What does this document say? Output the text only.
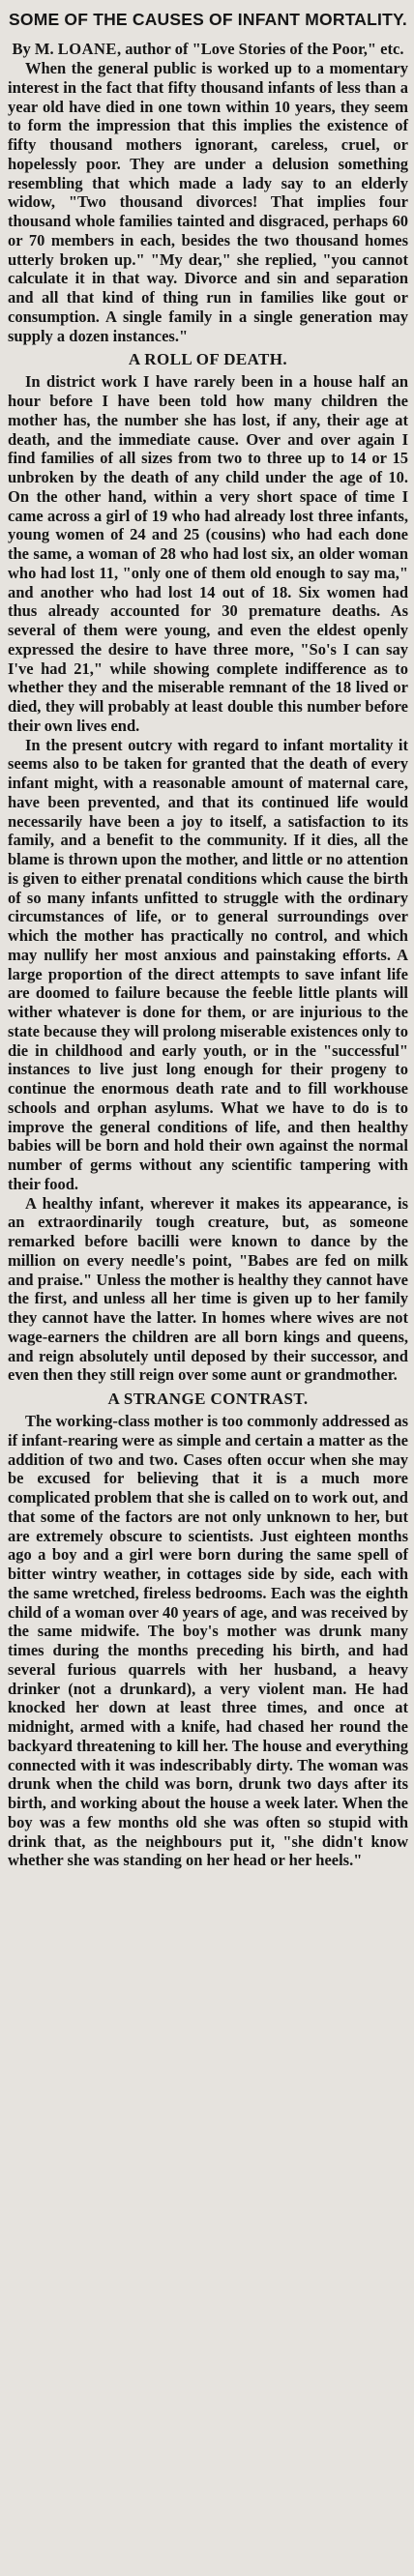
SOME OF THE CAUSES OF INFANT MORTALITY.
By M. LOANE, author of "Love Stories of the Poor," etc.

When the general public is worked up to a momentary interest in the fact that fifty thousand infants of less than a year old have died in one town within 10 years, they seem to form the impression that this implies the existence of fifty thousand mothers ignorant, careless, cruel, or hopelessly poor. They are under a delusion something resembling that which made a lady say to an elderly widow, "Two thousand divorces! That implies four thousand whole families tainted and disgraced, perhaps 60 or 70 members in each, besides the two thousand homes utterly broken up." "My dear," she replied, "you cannot calculate it in that way. Divorce and sin and separation and all that kind of thing run in families like gout or consumption. A single family in a single generation may supply a dozen instances."

A ROLL OF DEATH.

In district work I have rarely been in a house half an hour before I have been told how many children the mother has, the number she has lost, if any, their age at death, and the immediate cause. Over and over again I find families of all sizes from two to three up to 14 or 15 unbroken by the death of any child under the age of 10. On the other hand, within a very short space of time I came across a girl of 19 who had already lost three infants, young women of 24 and 25 (cousins) who had each done the same, a woman of 28 who had lost six, an older woman who had lost 11, "only one of them old enough to say ma," and another who had lost 14 out of 18. Six women had thus already accounted for 30 premature deaths. As several of them were young, and even the eldest openly expressed the desire to have three more, "So's I can say I've had 21," while showing complete indifference as to whether they and the miserable remnant of the 18 lived or died, they will probably at least double this number before their own lives end.

In the present outcry with regard to infant mortality it seems also to be taken for granted that the death of every infant might, with a reasonable amount of maternal care, have been prevented, and that its continued life would necessarily have been a joy to itself, a satisfaction to its family, and a benefit to the community. If it dies, all the blame is thrown upon the mother, and little or no attention is given to either prenatal conditions which cause the birth of so many infants unfitted to struggle with the ordinary circumstances of life, or to general surroundings over which the mother has practically no control, and which may nullify her most anxious and painstaking efforts. A large proportion of the direct attempts to save infant life are doomed to failure because the feeble little plants will wither whatever is done for them, or are injurious to the state because they will prolong miserable existences only to die in childhood and early youth, or in the "successful" instances to live just long enough for their progeny to continue the enormous death rate and to fill workhouse schools and orphan asylums. What we have to do is to improve the general conditions of life, and then healthy babies will be born and hold their own against the normal number of germs without any scientific tampering with their food.

A healthy infant, wherever it makes its appearance, is an extraordinarily tough creature, but, as someone remarked before bacilli were known to dance by the million on every needle's point, "Babes are fed on milk and praise." Unless the mother is healthy they cannot have the first, and unless all her time is given up to her family they cannot have the latter. In homes where wives are not wage-earners the children are all born kings and queens, and reign absolutely until deposed by their successor, and even then they still reign over some aunt or grandmother.

A STRANGE CONTRAST.

The working-class mother is too commonly addressed as if infant-rearing were as simple and certain a matter as the addition of two and two. Cases often occur when she may be excused for believing that it is a much more complicated problem that she is called on to work out, and that some of the factors are not only unknown to her, but are extremely obscure to scientists. Just eighteen months ago a boy and a girl were born during the same spell of bitter wintry weather, in cottages side by side, each with the same wretched, fireless bedrooms. Each was the eighth child of a woman over 40 years of age, and was received by the same midwife. The boy's mother was drunk many times during the months preceding his birth, and had several furious quarrels with her husband, a heavy drinker (not a drunkard), a very violent man. He had knocked her down at least three times, and once at midnight, armed with a knife, had chased her round the backyard threatening to kill her. The house and everything connected with it was indescribably dirty. The woman was drunk when the child was born, drunk two days after its birth, and working about the house a week later. When the boy was a few months old she was often so stupid with drink that, as the neighbours put it, "she didn't know whether she was standing on her head or her heels."
